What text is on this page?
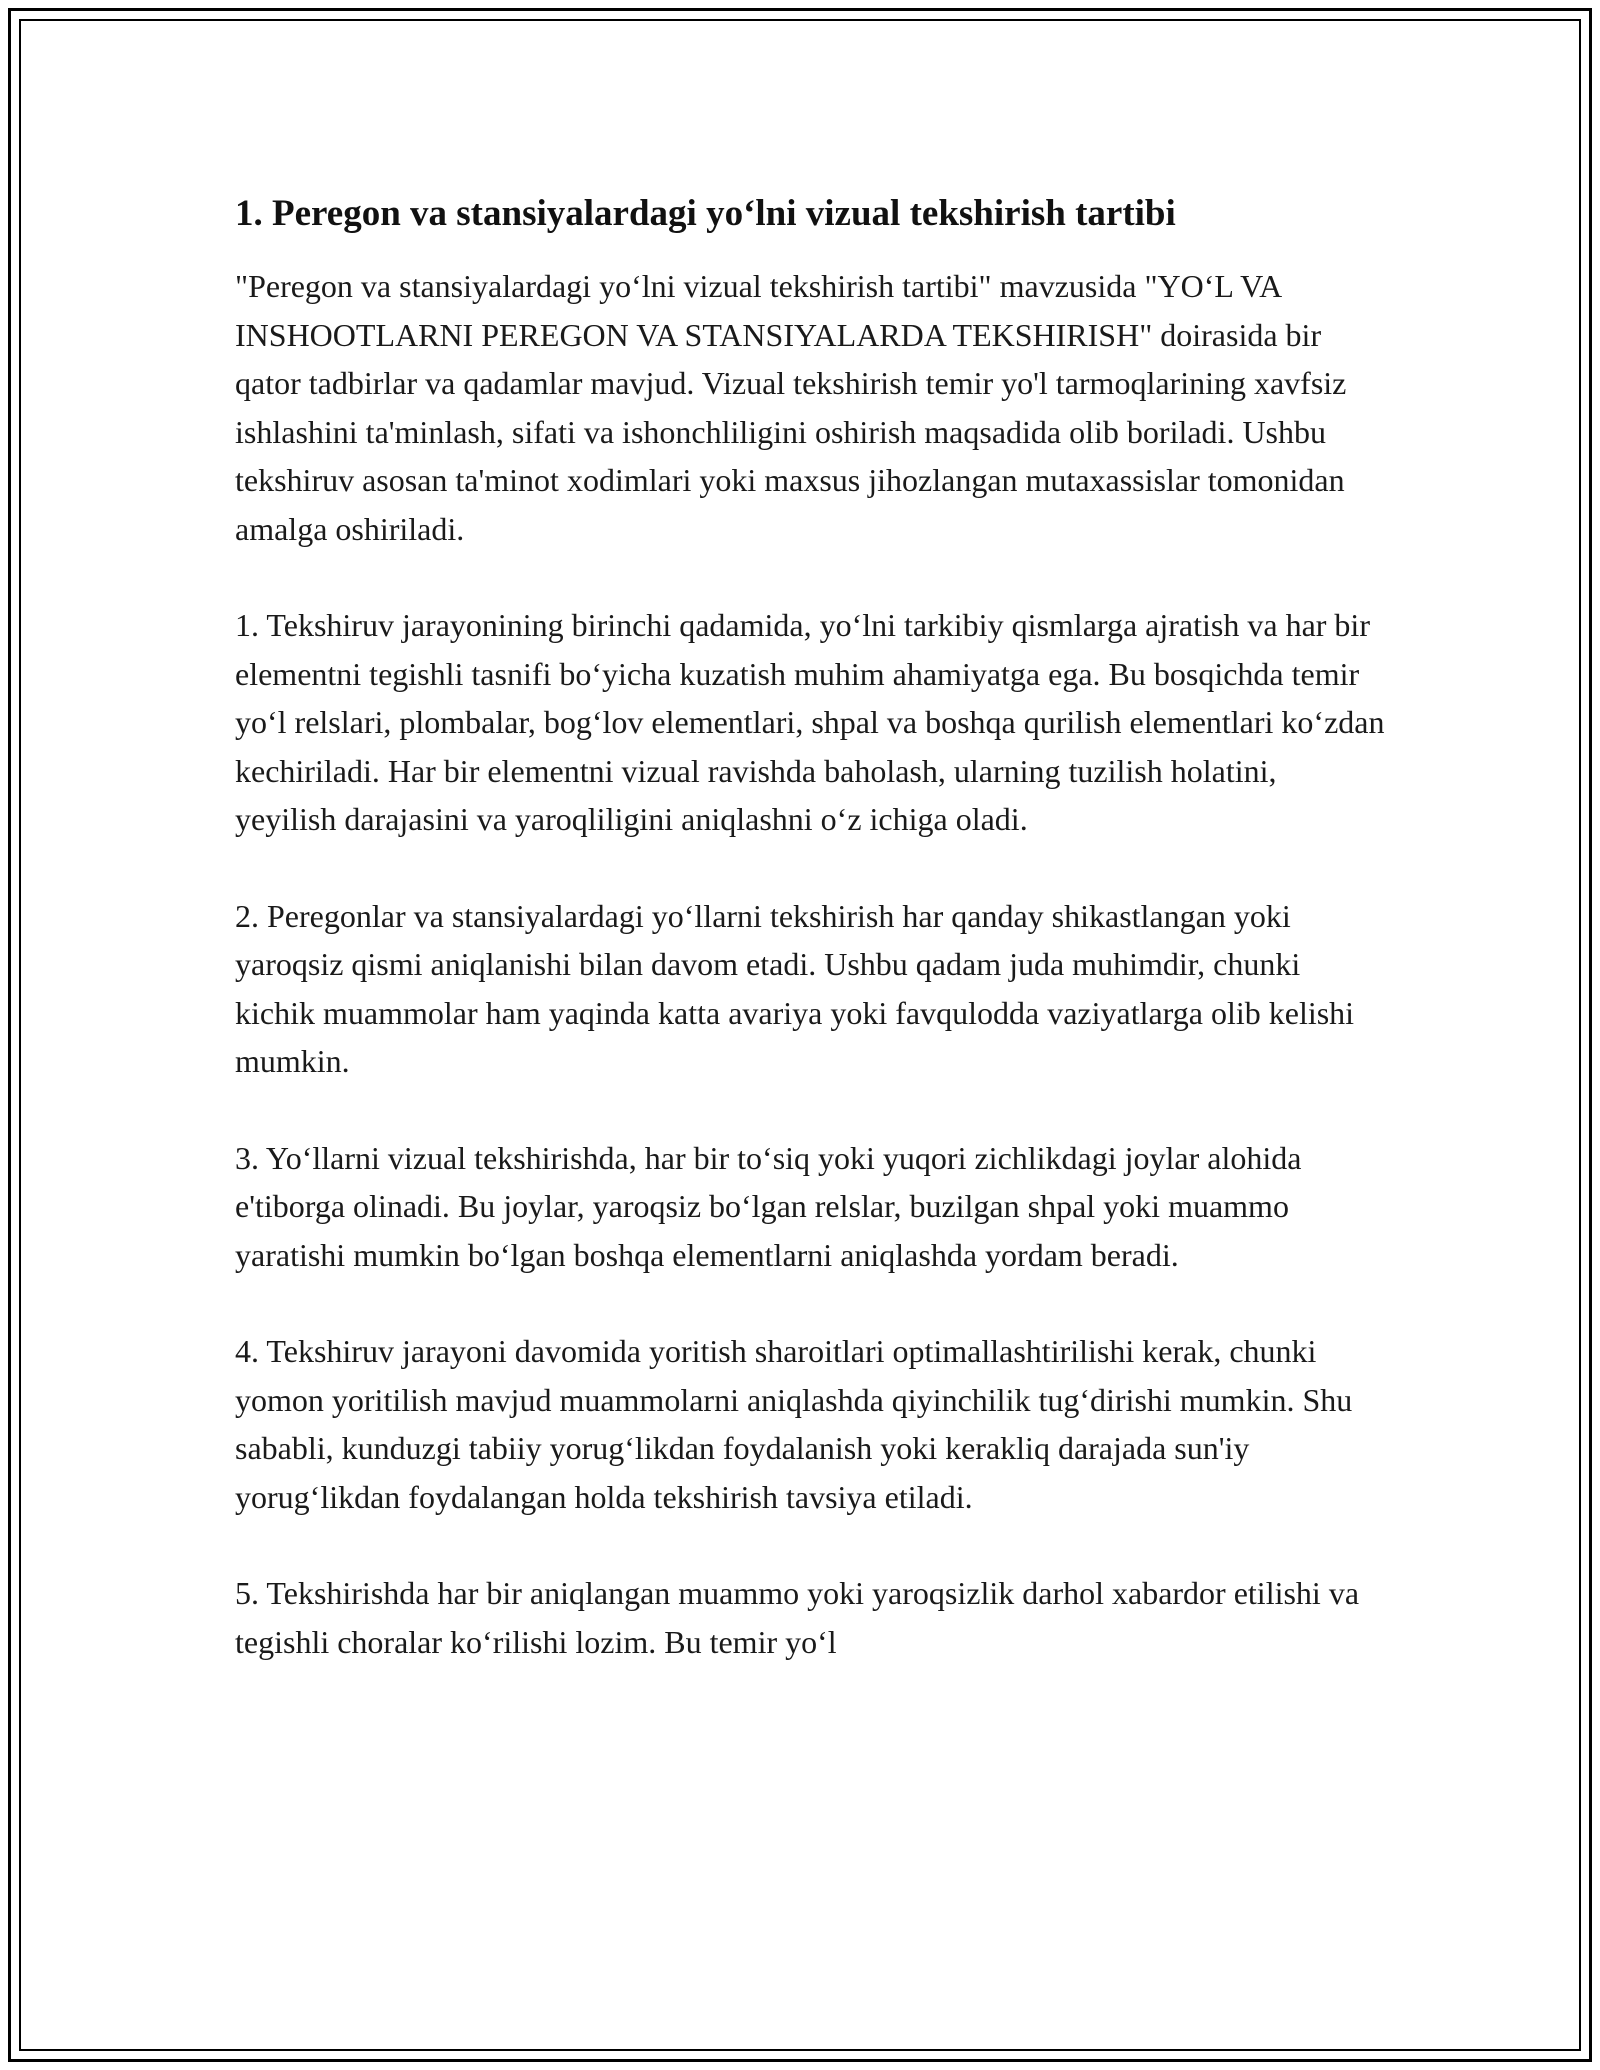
1. Peregon va stansiyalardagi yo‘lni vizual tekshirish tartibi

"Peregon va stansiyalardagi yo‘lni vizual tekshirish tartibi" mavzusida "YO‘L VA INSHOOTLARNI PEREGON VA STANSIYALARDA TEKSHIRISH" doirasida bir qator tadbirlar va qadamlar mavjud. Vizual tekshirish temir yo'l tarmoqlarining xavfsiz ishlashini ta'minlash, sifati va ishonchliligini oshirish maqsadida olib boriladi. Ushbu tekshiruv asosan ta'minot xodimlari yoki maxsus jihozlangan mutaxassislar tomonidan amalga oshiriladi.

1. Tekshiruv jarayonining birinchi qadamida, yo‘lni tarkibiy qismlarga ajratish va har bir elementni tegishli tasnifi bo‘yicha kuzatish muhim ahamiyatga ega. Bu bosqichda temir yo‘l relslari, plombalar, bog‘lov elementlari, shpal va boshqa qurilish elementlari ko‘zdan kechiriladi. Har bir elementni vizual ravishda baholash, ularning tuzilish holatini, yeyilish darajasini va yaroqliligini aniqlashni o‘z ichiga oladi.

2. Peregonlar va stansiyalardagi yo‘llarni tekshirish har qanday shikastlangan yoki yaroqsiz qismi aniqlanishi bilan davom etadi. Ushbu qadam juda muhimdir, chunki kichik muammolar ham yaqinda katta avariya yoki favqulodda vaziyatlarga olib kelishi mumkin.

3. Yo‘llarni vizual tekshirishda, har bir to‘siq yoki yuqori zichlikdagi joylar alohida e'tiborga olinadi. Bu joylar, yaroqsiz bo‘lgan relslar, buzilgan shpal yoki muammo yaratishi mumkin bo‘lgan boshqa elementlarni aniqlashda yordam beradi.

4. Tekshiruv jarayoni davomida yoritish sharoitlari optimallashtirilishi kerak, chunki yomon yoritilish mavjud muammolarni aniqlashda qiyinchilik tug‘dirishi mumkin. Shu sababli, kunduzgi tabiiy yorug‘likdan foydalanish yoki kerakliq darajada sun'iy yorug‘likdan foydalangan holda tekshirish tavsiya etiladi.

5. Tekshirishda har bir aniqlangan muammo yoki yaroqsizlik darhol xabardor etilishi va tegishli choralar ko‘rilishi lozim. Bu temir yo‘l
